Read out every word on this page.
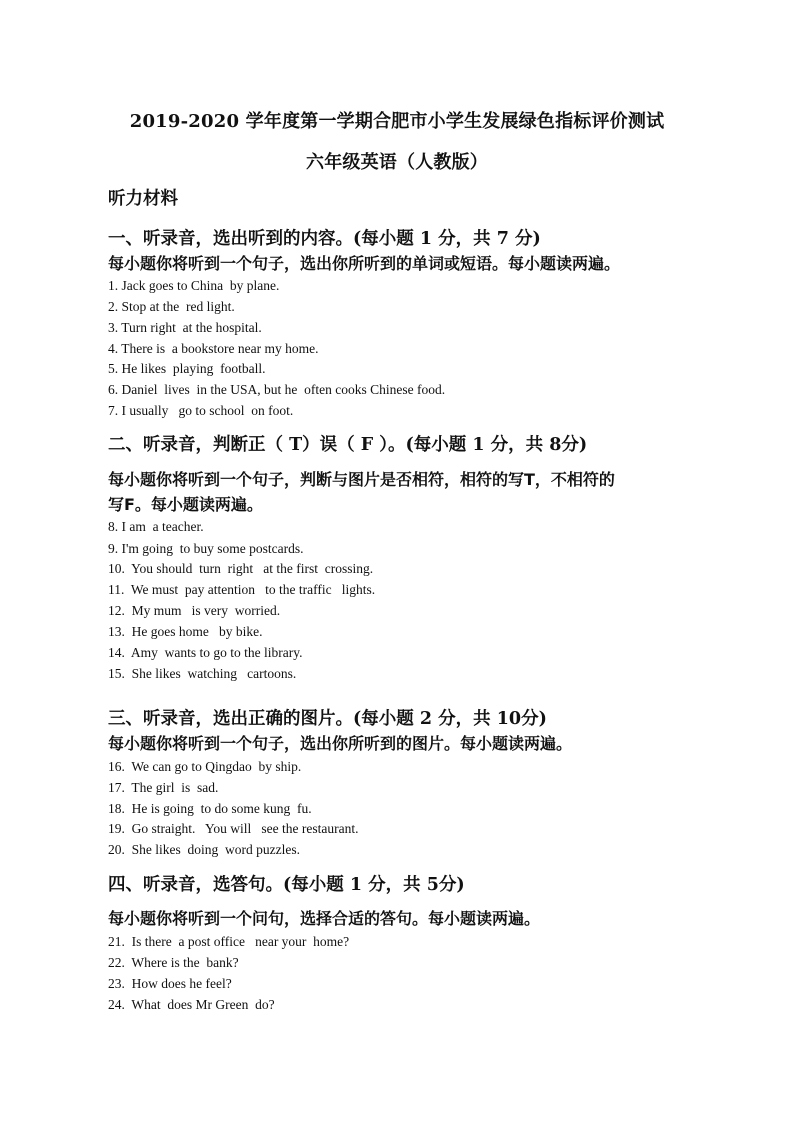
2019-2020 学年度第一学期合肥市小学生发展绿色指标评价测试
六年级英语（人教版）
听力材料
一、听录音，选出听到的内容。(每小题 1 分，共 7 分)
每小题你将听到一个句子，选出你所听到的单词或短语。每小题读两遍。
1. Jack goes to China  by plane.
2. Stop at the  red light.
3. Turn right  at the hospital.
4. There is  a bookstore near my home.
5. He likes  playing  football.
6. Daniel  lives  in the USA, but he  often cooks Chinese food.
7. I usually   go to school  on foot.
二、听录音，判断正（ T）误（ F ）。(每小题 1 分，共 8分)
每小题你将听到一个句子，判断与图片是否相符，相符的写T，不相符的
写F。每小题读两遍。
8. I am  a teacher.
9. I'm going  to buy some postcards.
10.  You should  turn  right   at the first  crossing.
11.  We must  pay attention   to the traffic   lights.
12.  My mum   is very  worried.
13.  He goes home   by bike.
14.  Amy  wants to go to the library.
15.  She likes  watching   cartoons.
三、听录音，选出正确的图片。(每小题 2 分，共 10分)
每小题你将听到一个句子，选出你所听到的图片。每小题读两遍。
16.  We can go to Qingdao  by ship.
17.  The girl  is  sad.
18.  He is going  to do some kung  fu.
19.  Go straight.   You will   see the restaurant.
20.  She likes  doing  word puzzles.
四、听录音，选答句。(每小题 1 分，共 5分)
每小题你将听到一个问句，选择合适的答句。每小题读两遍。
21.  Is there  a post office   near your  home?
22.  Where is the  bank?
23.  How does he feel?
24.  What  does Mr Green  do?
